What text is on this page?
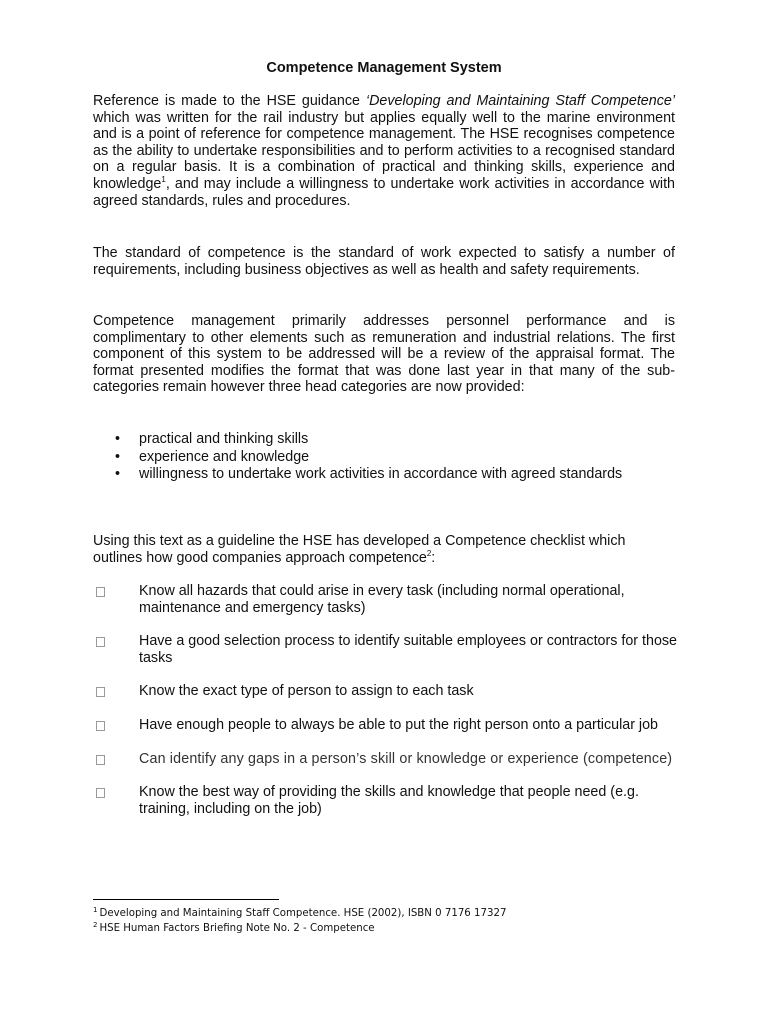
Competence Management System
Reference is made to the HSE guidance ‘Developing and Maintaining Staff Competence’ which was written for the rail industry but applies equally well to the marine environment and is a point of reference for competence management. The HSE recognises competence as the ability to undertake responsibilities and to perform activities to a recognised standard on a regular basis. It is a combination of practical and thinking skills, experience and knowledge$^1$, and may include a willingness to undertake work activities in accordance with agreed standards, rules and procedures.
The standard of competence is the standard of work expected to satisfy a number of requirements, including business objectives as well as health and safety requirements.
Competence management primarily addresses personnel performance and is complimentary to other elements such as remuneration and industrial relations. The first component of this system to be addressed will be a review of the appraisal format. The format presented modifies the format that was done last year in that many of the sub-categories remain however three head categories are now provided:
• practical and thinking skills
• experience and knowledge
• willingness to undertake work activities in accordance with agreed standards
Using this text as a guideline the HSE has developed a Competence checklist which outlines how good companies approach competence$^2$:
Know all hazards that could arise in every task (including normal operational, maintenance and emergency tasks)
Have a good selection process to identify suitable employees or contractors for those tasks
Know the exact type of person to assign to each task
Have enough people to always be able to put the right person onto a particular job
Can identify any gaps in a person’s skill or knowledge or experience (competence)
Know the best way of providing the skills and knowledge that people need (e.g. training, including on the job)
$^1$ Developing and Maintaining Staff Competence. HSE (2002), ISBN 0 7176 17327
$^2$ HSE Human Factors Briefing Note No. 2 - Competence
